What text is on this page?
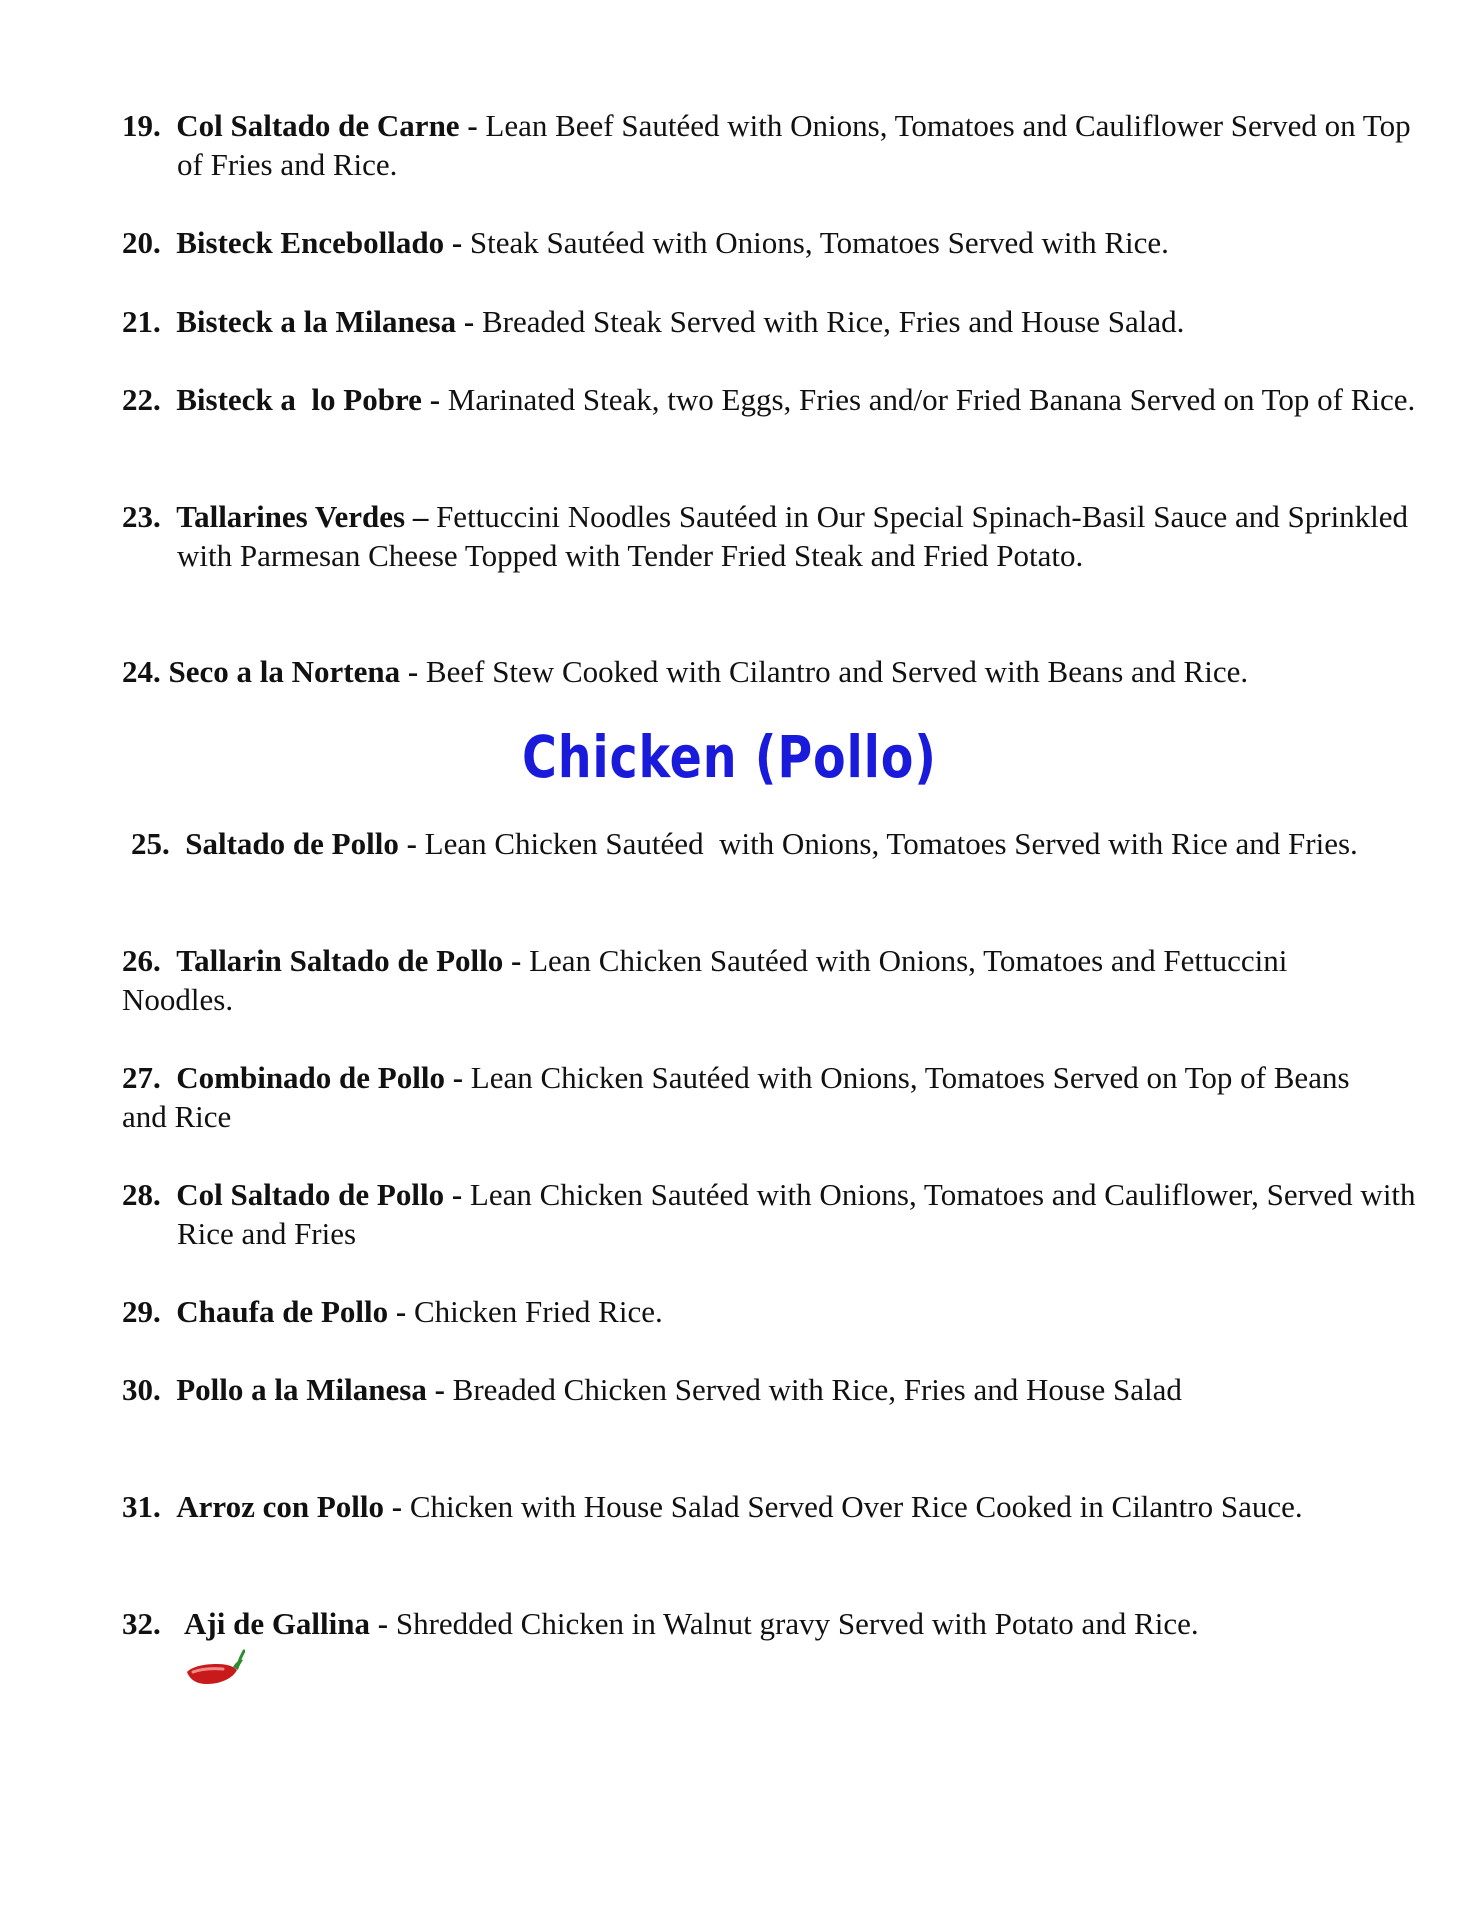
19. Col Saltado de Carne - Lean Beef Sautéed with Onions, Tomatoes and Cauliflower Served on Top of Fries and Rice.

20. Bisteck Encebollado - Steak Sautéed with Onions, Tomatoes Served with Rice.

21. Bisteck a la Milanesa - Breaded Steak Served with Rice, Fries and House Salad.

22. Bisteck a  lo Pobre - Marinated Steak, two Eggs, Fries and/or Fried Banana Served on Top of Rice.

23. Tallarines Verdes – Fettuccini Noodles Sautéed in Our Special Spinach-Basil Sauce and Sprinkled with Parmesan Cheese Topped with Tender Fried Steak and Fried Potato.

24. Seco a la Nortena - Beef Stew Cooked with Cilantro and Served with Beans and Rice.

Chicken (Pollo)

25. Saltado de Pollo - Lean Chicken Sautéed  with Onions, Tomatoes Served with Rice and Fries.

26. Tallarin Saltado de Pollo - Lean Chicken Sautéed with Onions, Tomatoes and Fettuccini Noodles.

27. Combinado de Pollo - Lean Chicken Sautéed with Onions, Tomatoes Served on Top of Beans and Rice

28. Col Saltado de Pollo - Lean Chicken Sautéed with Onions, Tomatoes and Cauliflower, Served with Rice and Fries

29. Chaufa de Pollo - Chicken Fried Rice.

30. Pollo a la Milanesa - Breaded Chicken Served with Rice, Fries and House Salad

31. Arroz con Pollo - Chicken with House Salad Served Over Rice Cooked in Cilantro Sauce.

32. Aji de Gallina - Shredded Chicken in Walnut gravy Served with Potato and Rice.
